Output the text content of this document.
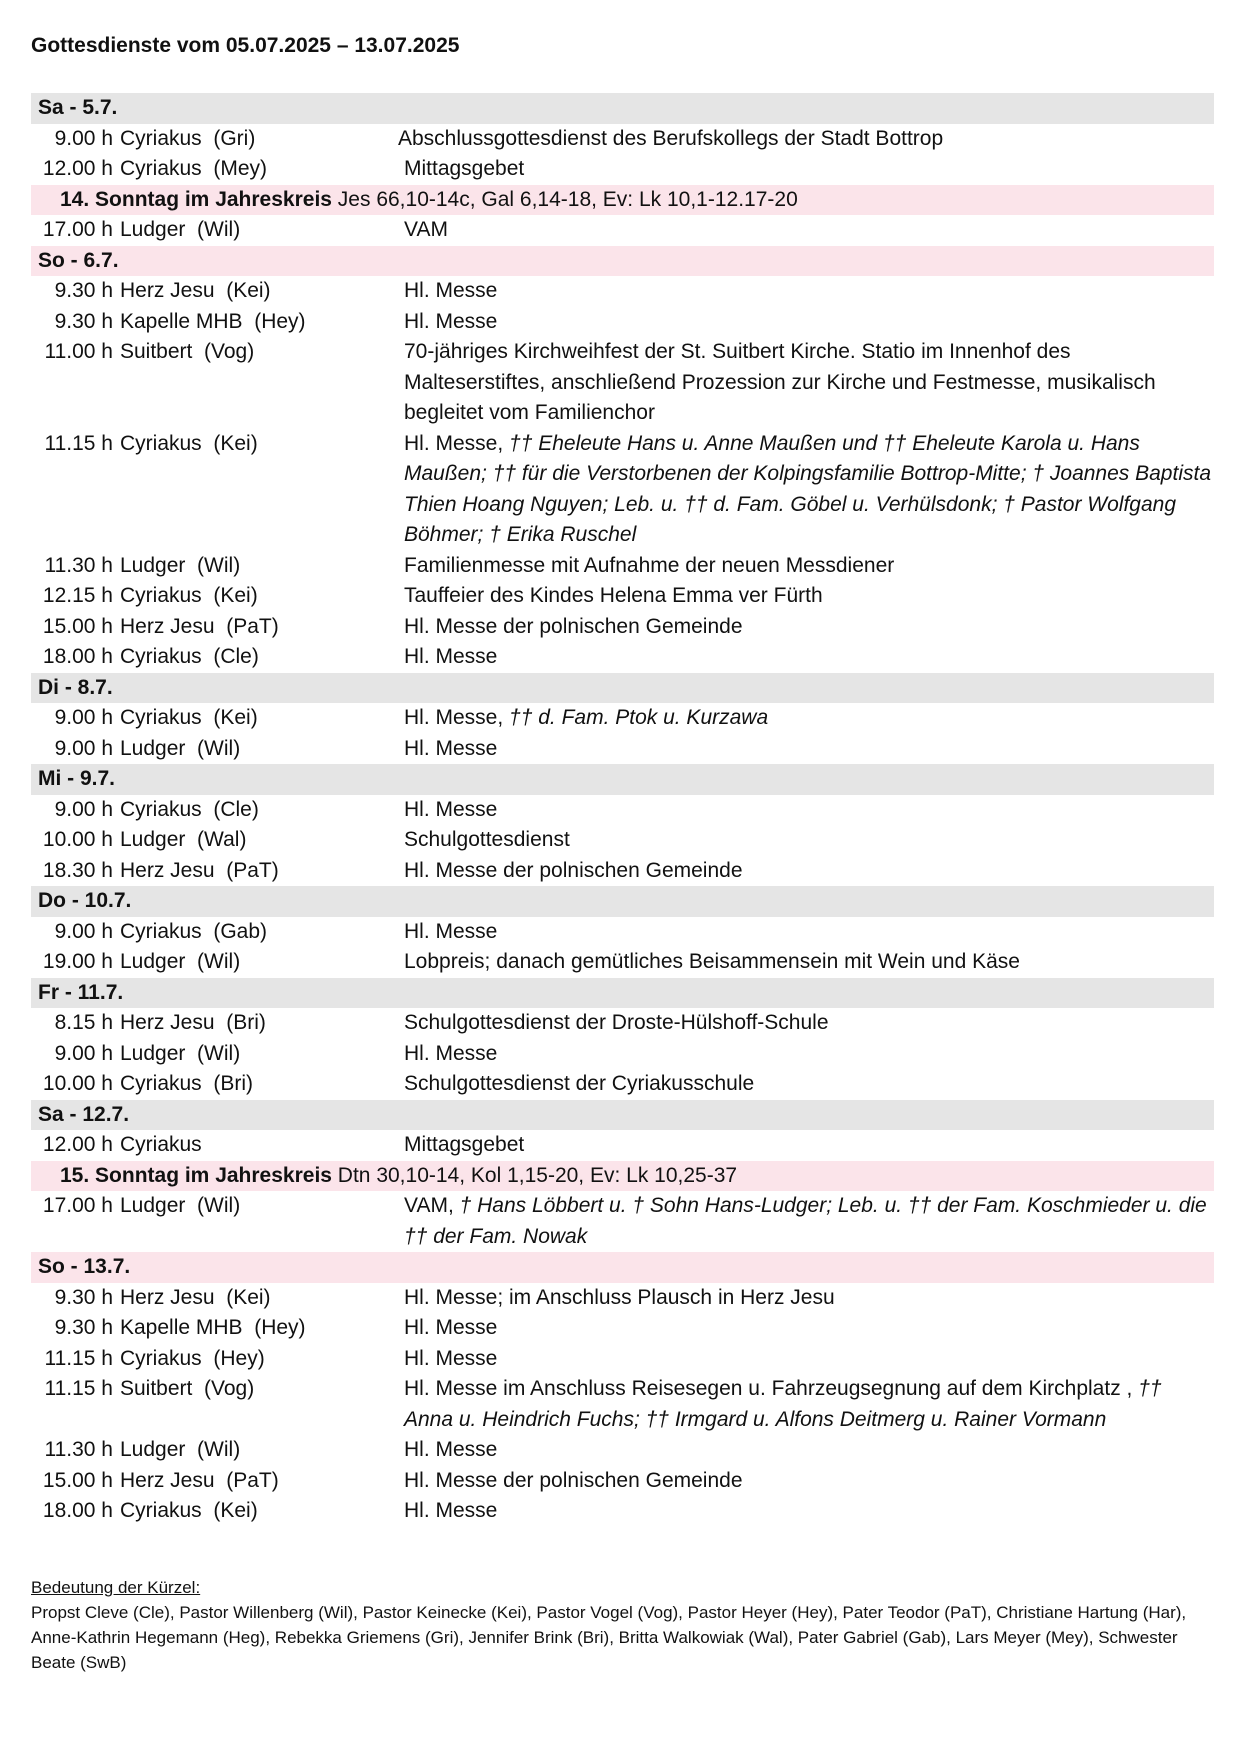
Gottesdienste vom 05.07.2025 – 13.07.2025
Sa - 5.7.
9.00 h Cyriakus  (Gri)	Abschlussgottesdienst des Berufskollegs der Stadt Bottrop
12.00 h Cyriakus  (Mey)	Mittagsgebet
14. Sonntag im Jahreskreis Jes 66,10-14c, Gal 6,14-18, Ev: Lk 10,1-12.17-20
17.00 h Ludger  (Wil)	VAM
So - 6.7.
9.30 h Herz Jesu  (Kei)	Hl. Messe
9.30 h Kapelle MHB  (Hey)	Hl. Messe
11.00 h Suitbert  (Vog)	70-jähriges Kirchweihfest der St. Suitbert Kirche. Statio im Innenhof des Malteserstiftes, anschließend Prozession zur Kirche und Festmesse, musikalisch begleitet vom Familienchor
11.15 h Cyriakus  (Kei)	Hl. Messe, †† Eheleute Hans u. Anne Maußen und †† Eheleute Karola u. Hans Maußen; †† für die Verstorbenen der Kolpingsfamilie Bottrop-Mitte; † Joannes Baptista Thien Hoang Nguyen; Leb. u. †† d. Fam. Göbel u. Verhülsdonk; † Pastor Wolfgang Böhmer; † Erika Ruschel
11.30 h Ludger  (Wil)	Familienmesse mit Aufnahme der neuen Messdiener
12.15 h Cyriakus  (Kei)	Tauffeier des Kindes Helena Emma ver Fürth
15.00 h Herz Jesu  (PaT)	Hl. Messe der polnischen Gemeinde
18.00 h Cyriakus  (Cle)	Hl. Messe
Di - 8.7.
9.00 h Cyriakus  (Kei)	Hl. Messe, †† d. Fam. Ptok u. Kurzawa
9.00 h Ludger  (Wil)	Hl. Messe
Mi - 9.7.
9.00 h Cyriakus  (Cle)	Hl. Messe
10.00 h Ludger  (Wal)	Schulgottesdienst
18.30 h Herz Jesu  (PaT)	Hl. Messe der polnischen Gemeinde
Do - 10.7.
9.00 h Cyriakus  (Gab)	Hl. Messe
19.00 h Ludger  (Wil)	Lobpreis; danach gemütliches Beisammensein mit Wein und Käse
Fr - 11.7.
8.15 h Herz Jesu  (Bri)	Schulgottesdienst der Droste-Hülshoff-Schule
9.00 h Ludger  (Wil)	Hl. Messe
10.00 h Cyriakus  (Bri)	Schulgottesdienst der Cyriakusschule
Sa - 12.7.
12.00 h Cyriakus	Mittagsgebet
15. Sonntag im Jahreskreis Dtn 30,10-14, Kol 1,15-20, Ev: Lk 10,25-37
17.00 h Ludger  (Wil)	VAM, † Hans Löbbert u. † Sohn Hans-Ludger; Leb. u. †† der Fam. Koschmieder u. die †† der Fam. Nowak
So - 13.7.
9.30 h Herz Jesu  (Kei)	Hl. Messe; im Anschluss Plausch in Herz Jesu
9.30 h Kapelle MHB  (Hey)	Hl. Messe
11.15 h Cyriakus  (Hey)	Hl. Messe
11.15 h Suitbert  (Vog)	Hl. Messe im Anschluss Reisesegen u. Fahrzeugsegnung auf dem Kirchplatz , †† Anna u. Heindrich Fuchs; †† Irmgard u. Alfons Deitmerg u. Rainer Vormann
11.30 h Ludger  (Wil)	Hl. Messe
15.00 h Herz Jesu  (PaT)	Hl. Messe der polnischen Gemeinde
18.00 h Cyriakus  (Kei)	Hl. Messe
Bedeutung der Kürzel:
Propst Cleve (Cle), Pastor Willenberg (Wil), Pastor Keinecke (Kei), Pastor Vogel (Vog), Pastor Heyer (Hey), Pater Teodor (PaT), Christiane Hartung (Har), Anne-Kathrin Hegemann (Heg), Rebekka Griemens (Gri), Jennifer Brink (Bri), Britta Walkowiak (Wal), Pater Gabriel (Gab), Lars Meyer (Mey), Schwester Beate (SwB)
